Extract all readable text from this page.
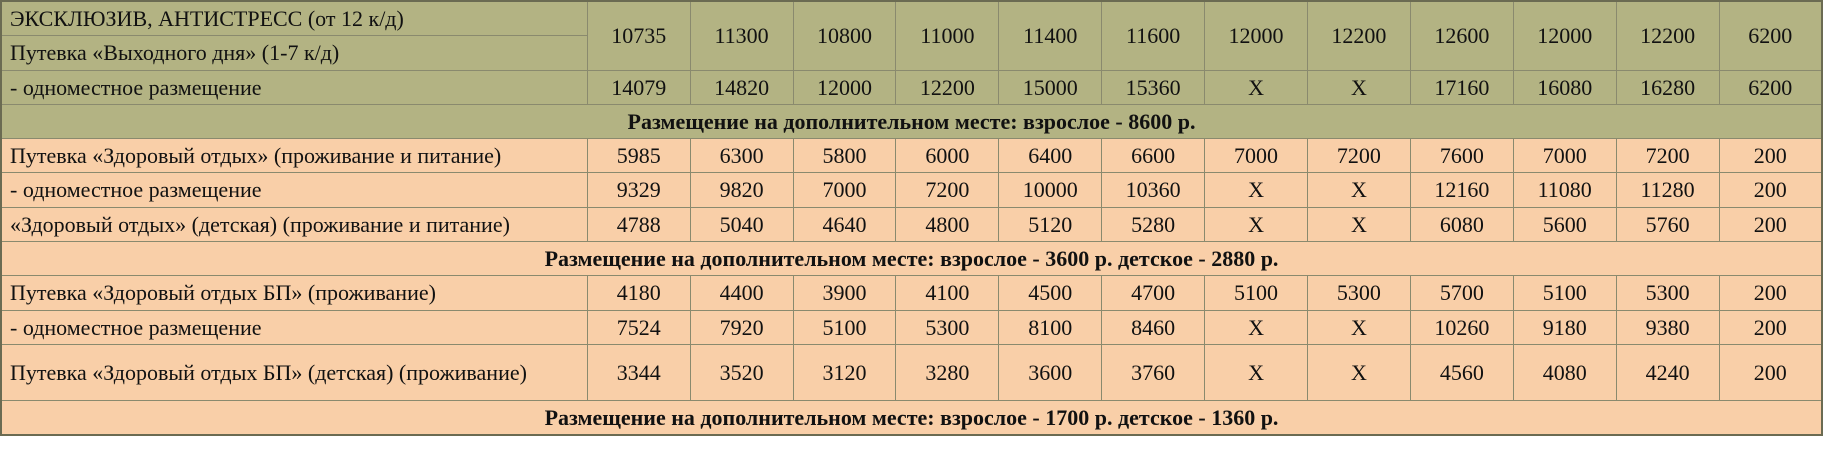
ЭКСКЛЮЗИВ, АНТИСТРЕСС (от 12 к/д)	10735	11300	10800	11000	11400	11600	12000	12200	12600	12000	12200	6200
Путевка «Выходного дня» (1-7 к/д)												
- одноместное размещение	14079	14820	12000	12200	15000	15360	X	X	17160	16080	16280	6200
Размещение на дополнительном месте: взрослое - 8600 р.												
Путевка «Здоровый отдых» (проживание и питание)	5985	6300	5800	6000	6400	6600	7000	7200	7600	7000	7200	200
- одноместное размещение	9329	9820	7000	7200	10000	10360	X	X	12160	11080	11280	200
«Здоровый отдых» (детская) (проживание и питание)	4788	5040	4640	4800	5120	5280	X	X	6080	5600	5760	200
Размещение на дополнительном месте: взрослое - 3600 р. детское - 2880 р.												
Путевка «Здоровый отдых БП» (проживание)	4180	4400	3900	4100	4500	4700	5100	5300	5700	5100	5300	200
- одноместное размещение	7524	7920	5100	5300	8100	8460	X	X	10260	9180	9380	200
Путевка «Здоровый отдых БП» (детская) (проживание)	3344	3520	3120	3280	3600	3760	X	X	4560	4080	4240	200
Размещение на дополнительном месте: взрослое - 1700 р. детское - 1360 р.												
